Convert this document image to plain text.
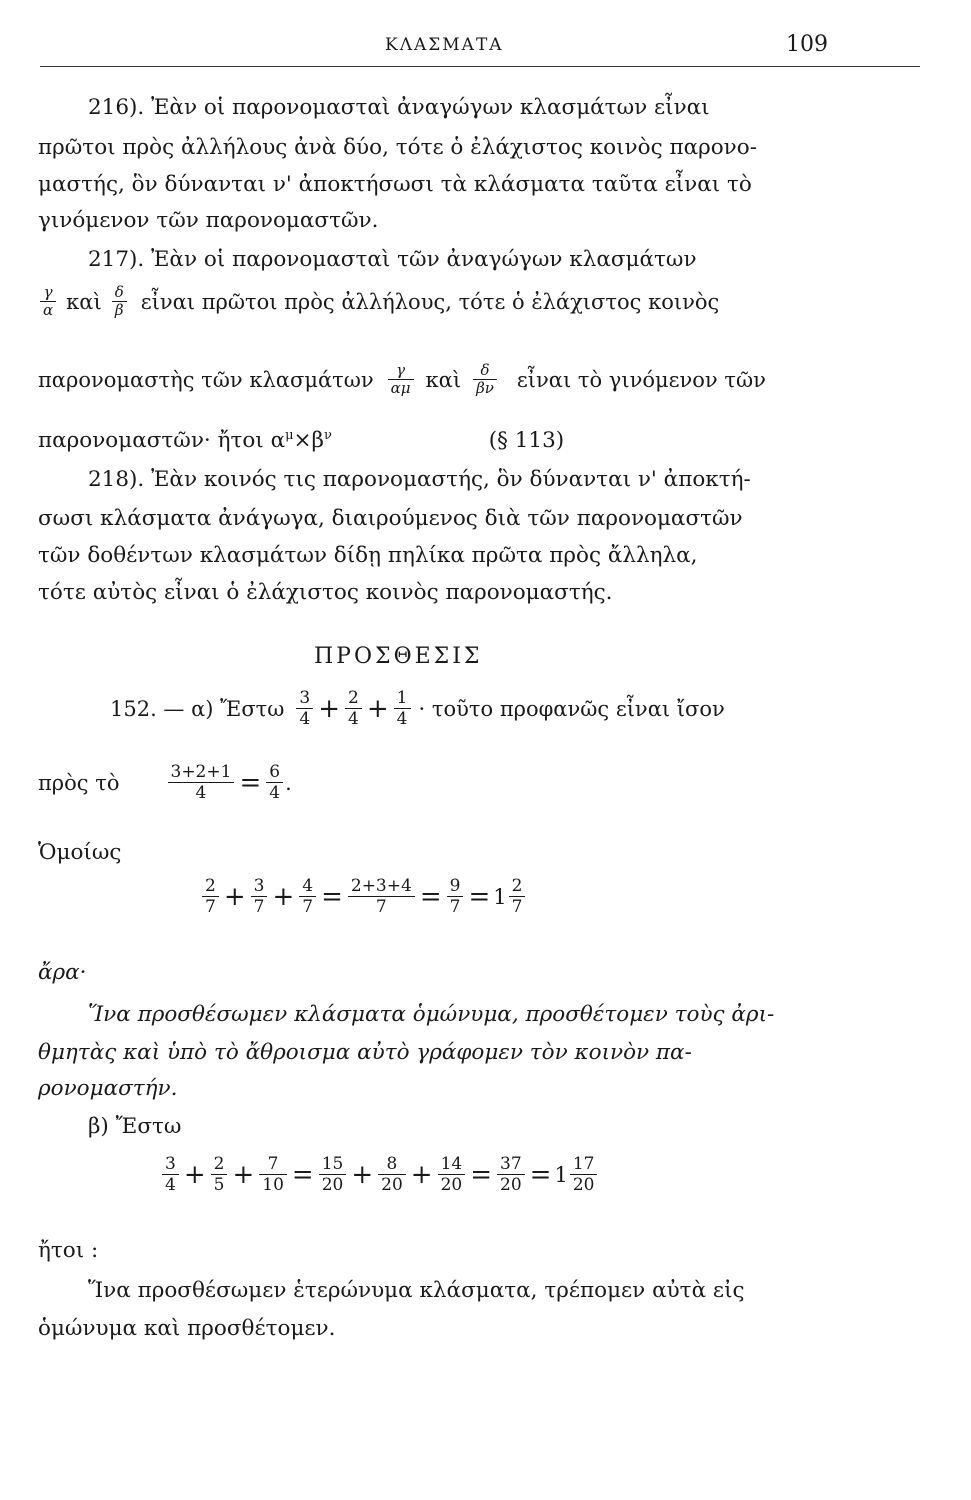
ΚΛΑΣΜΑΤΑ	109
216). Ἐὰν οἱ παρονομασταὶ ἀναγώγων κλασμάτων εἶναι
πρῶτοι πρὸς ἀλλήλους ἀνὰ δύο, τότε ὁ ἐλάχιστος κοινὸς παρονο-
μαστής, ὃν δύνανται ν' ἀποκτήσωσι τὰ κλάσματα ταῦτα εἶναι τὸ
γινόμενον τῶν παρονομαστῶν.
217). Ἐὰν οἱ παρονομασταὶ τῶν ἀναγώγων κλασμάτων
$\frac{\gamma}{\alpha}$ καὶ $\frac{\delta}{\beta}$ εἶναι πρῶτοι πρὸς ἀλλήλους, τότε ὁ ἐλάχιστος κοινὸς
παρονομαστὴς τῶν κλασμάτων $\frac{\gamma}{\alpha\mu}$ καὶ $\frac{\delta}{\beta\nu}$ εἶναι τὸ γινόμενον τῶν
παρονομαστῶν· ἤτοι $\alpha^\mu\times\beta^\nu$	(§ 113)
218). Ἐὰν κοινός τις παρονομαστής, ὃν δύνανται ν' ἀποκτή-
σωσι κλάσματα ἀνάγωγα, διαιρούμενος διὰ τῶν παρονομαστῶν
τῶν δοθέντων κλασμάτων δίδῃ πηλίκα πρῶτα πρὸς ἄλληλα,
τότε αὐτὸς εἶναι ὁ ἐλάχιστος κοινὸς παρονομαστής.
ΠΡΟΣΘΕΣΙΣ
152. — α) Ἔστω $\frac{3}{4} + \frac{2}{4} + \frac{1}{4}$ · τοῦτο προφανῶς εἶναι ἴσον
πρὸς τὸ	$\frac{3+2+1}{4} = \frac{6}{4}$ .
Ὁμοίως
$\frac{2}{7} + \frac{3}{7} + \frac{4}{7} = \frac{2+3+4}{7} = \frac{9}{7} = 1 \frac{2}{7}$
ἄρα·
Ἵνα προσθέσωμεν κλάσματα ὁμώνυμα, προσθέτομεν τοὺς ἀρι-
θμητὰς καὶ ὑπὸ τὸ ἄθροισμα αὐτὸ γράφομεν τὸν κοινὸν πα-
ρονομαστήν.
β) Ἔστω
$\frac{3}{4} + \frac{2}{5} + \frac{7}{10} = \frac{15}{20} + \frac{8}{20} + \frac{14}{20} = \frac{37}{20} = 1 \frac{17}{20}$
ἤτοι :
Ἵνα προσθέσωμεν ἑτερώνυμα κλάσματα, τρέπομεν αὐτὰ εἰς
ὁμώνυμα καὶ προσθέτομεν.
